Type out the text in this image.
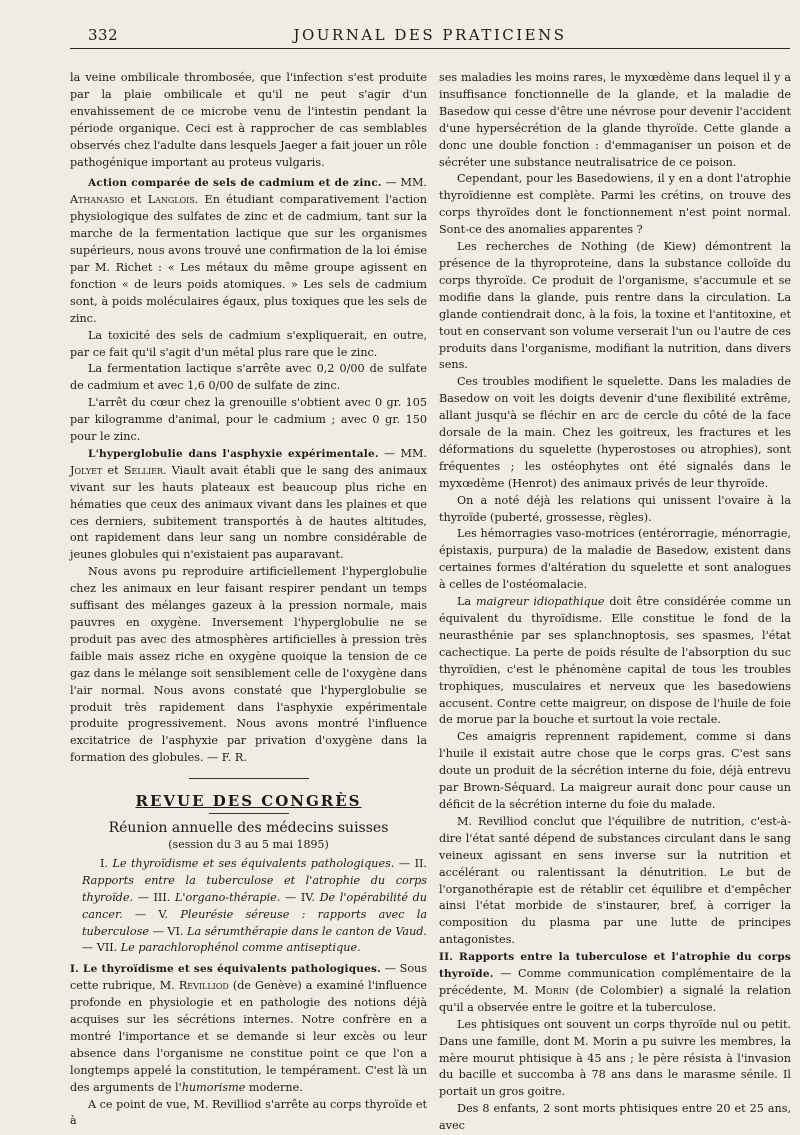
332	JOURNAL DES PRATICIENS

la veine ombilicale thrombosée, que l'infection s'est produite par la plaie ombilicale et qu'il ne peut s'agir d'un envahissement de ce microbe venu de l'intestin pendant la période organique. Ceci est à rapprocher de cas semblables observés chez l'adulte dans lesquels Jaeger a fait jouer un rôle pathogénique important au proteus vulgaris.

Action comparée de sels de cadmium et de zinc. — MM. Athanasio et Langlois. En étudiant comparativement l'action physiologique des sulfates de zinc et de cadmium, tant sur la marche de la fermentation lactique que sur les organismes supérieurs, nous avons trouvé une confirmation de la loi émise par M. Richet : « Les métaux du même groupe agissent en fonction « de leurs poids atomiques. » Les sels de cadmium sont, à poids moléculaires égaux, plus toxiques que les sels de zinc.

La toxicité des sels de cadmium s'expliquerait, en outre, par ce fait qu'il s'agit d'un métal plus rare que le zinc.

La fermentation lactique s'arrête avec 0,2 0/00 de sulfate de cadmium et avec 1,6 0/00 de sulfate de zinc.

L'arrêt du cœur chez la grenouille s'obtient avec 0 gr. 105 par kilogramme d'animal, pour le cadmium ; avec 0 gr. 150 pour le zinc.

L'hyperglobulie dans l'asphyxie expérimentale. — MM. Jolyet et Sellier. Viault avait établi que le sang des animaux vivant sur les hauts plateaux est beaucoup plus riche en hématies que ceux des animaux vivant dans les plaines et que ces derniers, subitement transportés à de hautes altitudes, ont rapidement dans leur sang un nombre considérable de jeunes globules qui n'existaient pas auparavant.

Nous avons pu reproduire artificiellement l'hyperglobulie chez les animaux en leur faisant respirer pendant un temps suffisant des mélanges gazeux à la pression normale, mais pauvres en oxygène. Inversement l'hyperglobulie ne se produit pas avec des atmosphères artificielles à pression très faible mais assez riche en oxygène quoique la tension de ce gaz dans le mélange soit sensiblement celle de l'oxygène dans l'air normal. Nous avons constaté que l'hyperglobulie se produit très rapidement dans l'asphyxie expérimentale produite progressivement. Nous avons montré l'influence excitatrice de l'asphyxie par privation d'oxygène dans la formation des globules. — F. R.

REVUE DES CONGRÈS
Réunion annuelle des médecins suisses
(session du 3 au 5 mai 1895)

I. Le thyroïdisme et ses équivalents pathologiques. — II. Rapports entre la tuberculose et l'atrophie du corps thyroïde. — III. L'organo-thérapie. — IV. De l'opérabilité du cancer. — V. Pleurésie séreuse : rapports avec la tuberculose — VI. La sérumthérapie dans le canton de Vaud. — VII. Le parachlorophénol comme antiseptique.

I. Le thyroïdisme et ses équivalents pathologiques. — Sous cette rubrique, M. Revilliod (de Genève) a examiné l'influence profonde en physiologie et en pathologie des notions déjà acquises sur les sécrétions internes. Notre confrère en a montré l'importance et se demande si leur excès ou leur absence dans l'organisme ne constitue point ce que l'on a longtemps appelé la constitution, le tempérament. C'est là un des arguments de l'humorisme moderne.

A ce point de vue, M. Revilliod s'arrête au corps thyroïde et à

ses maladies les moins rares, le myxœdème dans lequel il y a insuffisance fonctionnelle de la glande, et la maladie de Basedow qui cesse d'être une névrose pour devenir l'accident d'une hypersécrétion de la glande thyroïde. Cette glande a donc une double fonction : d'emmaganiser un poison et de sécréter une substance neutralisatrice de ce poison.

Cependant, pour les Basedowiens, il y en a dont l'atrophie thyroïdienne est complète. Parmi les crétins, on trouve des corps thyroïdes dont le fonctionnement n'est point normal. Sont-ce des anomalies apparentes ?

Les recherches de Nothing (de Kiew) démontrent la présence de la thyroproteine, dans la substance colloïde du corps thyroïde. Ce produit de l'organisme, s'accumule et se modifie dans la glande, puis rentre dans la circulation. La glande contiendrait donc, à la fois, la toxine et l'antitoxine, et tout en conservant son volume verserait l'un ou l'autre de ces produits dans l'organisme, modifiant la nutrition, dans divers sens.

Ces troubles modifient le squelette. Dans les maladies de Basedow on voit les doigts devenir d'une flexibilité extrême, allant jusqu'à se fléchir en arc de cercle du côté de la face dorsale de la main. Chez les goitreux, les fractures et les déformations du squelette (hyperostoses ou atrophies), sont fréquentes ; les ostéophytes ont été signalés dans le myxœdème (Henrot) des animaux privés de leur thyroïde.

On a noté déjà les relations qui unissent l'ovaire à la thyroïde (puberté, grossesse, règles).

Les hémorragies vaso-motrices (entérorragie, ménorragie, épistaxis, purpura) de la maladie de Basedow, existent dans certaines formes d'altération du squelette et sont analogues à celles de l'ostéomalacie.

La maigreur idiopathique doit être considérée comme un équivalent du thyroïdisme. Elle constitue le fond de la neurasthénie par ses splanchnoptosis, ses spasmes, l'état cachectique. La perte de poids résulte de l'absorption du suc thyroïdien, c'est le phénomène capital de tous les troubles trophiques, musculaires et nerveux que les basedowiens accusent. Contre cette maigreur, on dispose de l'huile de foie de morue par la bouche et surtout la voie rectale.

Ces amaigris reprennent rapidement, comme si dans l'huile il existait autre chose que le corps gras. C'est sans doute un produit de la sécrétion interne du foie, déjà entrevu par Brown-Séquard. La maigreur aurait donc pour cause un déficit de la sécrétion interne du foie du malade.

M. Revilliod conclut que l'équilibre de nutrition, c'est-à-dire l'état santé dépend de substances circulant dans le sang veineux agissant en sens inverse sur la nutrition et accélérant ou ralentissant la dénutrition. Le but de l'organothérapie est de rétablir cet équilibre et d'empêcher ainsi l'état morbide de s'instaurer, bref, à corriger la composition du plasma par une lutte de principes antagonistes.

II. Rapports entre la tuberculose et l'atrophie du corps thyroïde. — Comme communication complémentaire de la précédente, M. Morin (de Colombier) a signalé la relation qu'il a observée entre le goitre et la tuberculose.

Les phtisiques ont souvent un corps thyroïde nul ou petit. Dans une famille, dont M. Morin a pu suivre les membres, la mère mourut phtisique à 45 ans ; le père résista à l'invasion du bacille et succomba à 78 ans dans le marasme sénile. Il portait un gros goitre.

Des 8 enfants, 2 sont morts phtisiques entre 20 et 25 ans, avec
